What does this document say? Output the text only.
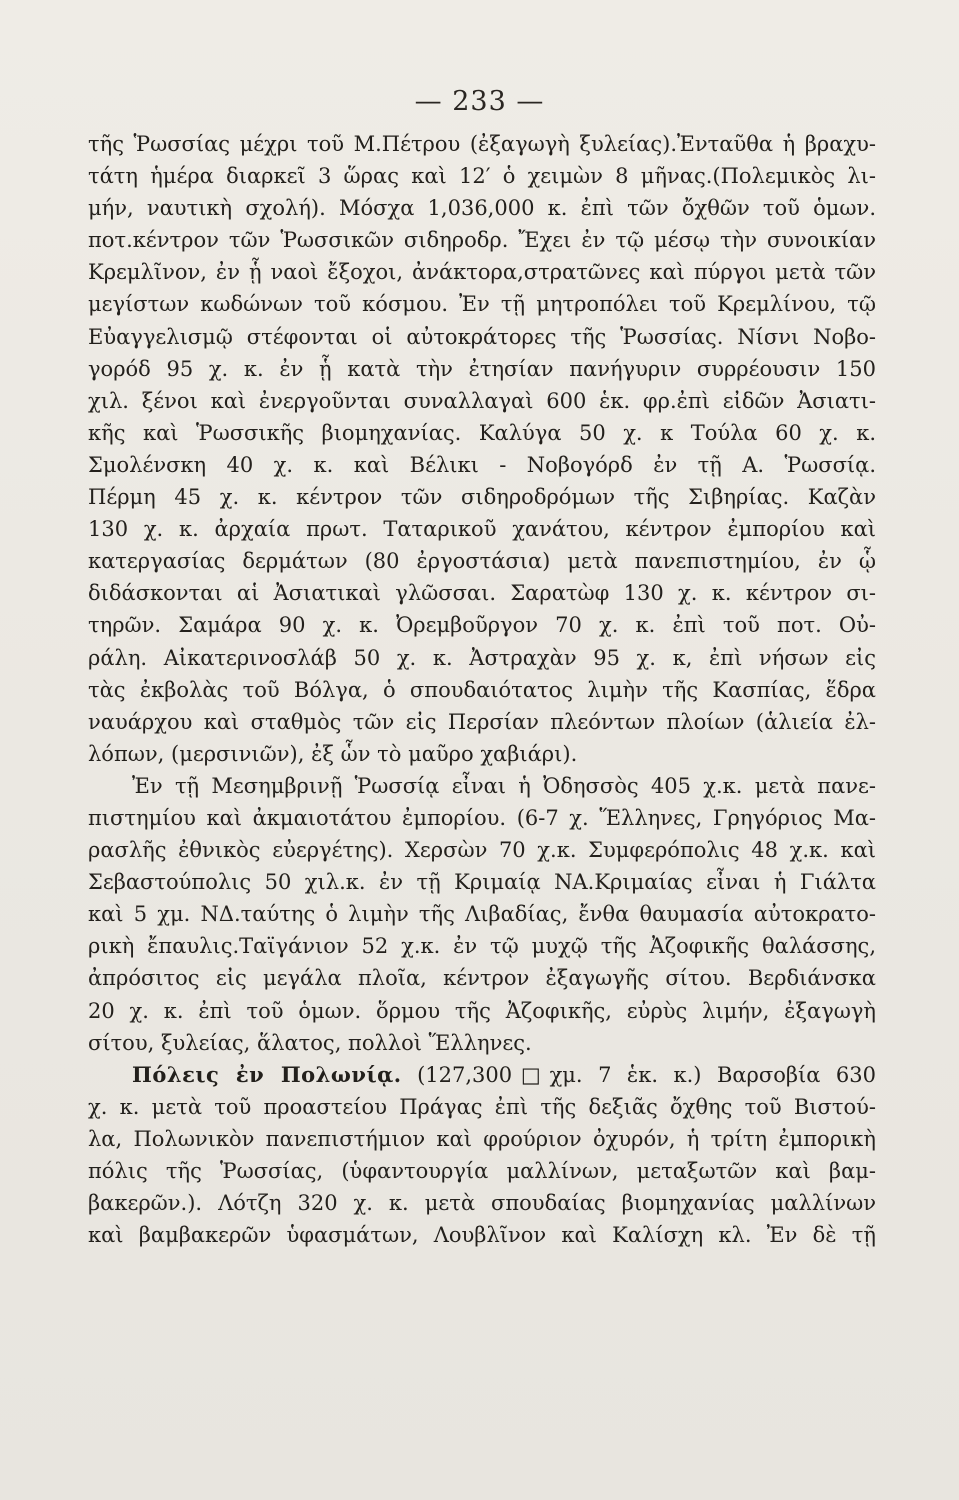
— 233 —
τῆς Ῥωσσίας μέχρι τοῦ Μ.Πέτρου (ἐξαγωγὴ ξυλείας).Ἐνταῦθα ἡ βραχυ-
τάτη ἡμέρα διαρκεῖ 3 ὥρας καὶ 12′ ὁ χειμὼν 8 μῆνας.(Πολεμικὸς λι-
μήν, ναυτικὴ σχολή). Μόσχα 1,036,000 κ. ἐπὶ τῶν ὄχθῶν τοῦ ὁμων.
ποτ.κέντρον τῶν Ῥωσσικῶν σιδηροδρ. Ἔχει ἐν τῷ μέσῳ τὴν συνοικίαν
Κρεμλῖνον, ἐν ᾗ ναοὶ ἔξοχοι, ἀνάκτορα,στρατῶνες καὶ πύργοι μετὰ τῶν
μεγίστων κωδώνων τοῦ κόσμου. Ἐν τῇ μητροπόλει τοῦ Κρεμλίνου, τῷ
Εὐαγγελισμῷ στέφονται οἱ αὐτοκράτορες τῆς Ῥωσσίας. Νίσνι Νοβο-
γορόδ 95 χ. κ. ἐν ᾗ κατὰ τὴν ἐτησίαν πανήγυριν συρρέουσιν 150
χιλ. ξένοι καὶ ἐνεργοῦνται συναλλαγαὶ 600 ἑκ. φρ.ἐπὶ εἰδῶν Ἀσιατι-
κῆς καὶ Ῥωσσικῆς βιομηχανίας. Καλύγα 50 χ. κ Τούλα 60 χ. κ.
Σμολένσκη 40 χ. κ. καὶ Βέλικι - Νοβογόρδ ἐν τῇ Α. Ῥωσσίᾳ.
Πέρμη 45 χ. κ. κέντρον τῶν σιδηροδρόμων τῆς Σιβηρίας. Καζὰν
130 χ. κ. ἀρχαία πρωτ. Ταταρικοῦ χανάτου, κέντρον ἐμπορίου καὶ
κατεργασίας δερμάτων (80 ἐργοστάσια) μετὰ πανεπιστημίου, ἐν ᾧ
διδάσκονται αἱ Ἀσιατικαὶ γλῶσσαι. Σαρατὼφ 130 χ. κ. κέντρον σι-
τηρῶν. Σαμάρα 90 χ. κ. Ὀρεμβοῦργον 70 χ. κ. ἐπὶ τοῦ ποτ. Οὐ-
ράλη. Αἰκατερινοσλάβ 50 χ. κ. Ἀστραχὰν 95 χ. κ, ἐπὶ νήσων εἰς
τὰς ἐκβολὰς τοῦ Βόλγα, ὁ σπουδαιότατος λιμὴν τῆς Κασπίας, ἕδρα
ναυάρχου καὶ σταθμὸς τῶν εἰς Περσίαν πλεόντων πλοίων (ἁλιεία ἐλ-
λόπων, (μερσινιῶν), ἐξ ὧν τὸ μαῦρο χαβιάρι).
Ἐν τῇ Μεσημβρινῇ Ῥωσσίᾳ εἶναι ἡ Ὀδησσὸς 405 χ.κ. μετὰ πανε-
πιστημίου καὶ ἀκμαιοτάτου ἐμπορίου. (6-7 χ. Ἕλληνες, Γρηγόριος Μα-
ρασλῆς ἐθνικὸς εὐεργέτης). Χερσὼν 70 χ.κ. Συμφερόπολις 48 χ.κ. καὶ
Σεβαστούπολις 50 χιλ.κ. ἐν τῇ Κριμαίᾳ ΝΑ.Κριμαίας εἶναι ἡ Γιάλτα
καὶ 5 χμ. ΝΔ.ταύτης ὁ λιμὴν τῆς Λιβαδίας, ἔνθα θαυμασία αὐτοκρατο-
ρικὴ ἔπαυλις.Ταϊγάνιον 52 χ.κ. ἐν τῷ μυχῷ τῆς Ἀζοφικῆς θαλάσσης,
ἀπρόσιτος εἰς μεγάλα πλοῖα, κέντρον ἐξαγωγῆς σίτου. Βερδιάνσκα
20 χ. κ. ἐπὶ τοῦ ὁμων. ὅρμου τῆς Ἀζοφικῆς, εὐρὺς λιμήν, ἐξαγωγὴ
σίτου, ξυλείας, ἅλατος, πολλοὶ Ἕλληνες.
Πόλεις ἐν Πολωνίᾳ. (127,300□χμ. 7 ἑκ. κ.) Βαρσοβία 630
χ. κ. μετὰ τοῦ προαστείου Πράγας ἐπὶ τῆς δεξιᾶς ὄχθης τοῦ Βιστού-
λα, Πολωνικὸν πανεπιστήμιον καὶ φρούριον ὀχυρόν, ἡ τρίτη ἐμπορικὴ
πόλις τῆς Ῥωσσίας, (ὑφαντουργία μαλλίνων, μεταξωτῶν καὶ βαμ-
βακερῶν.). Λότζη 320 χ. κ. μετὰ σπουδαίας βιομηχανίας μαλλίνων
καὶ βαμβακερῶν ὑφασμάτων, Λουβλῖνον καὶ Καλίσχη κλ. Ἐν δὲ τῇ
